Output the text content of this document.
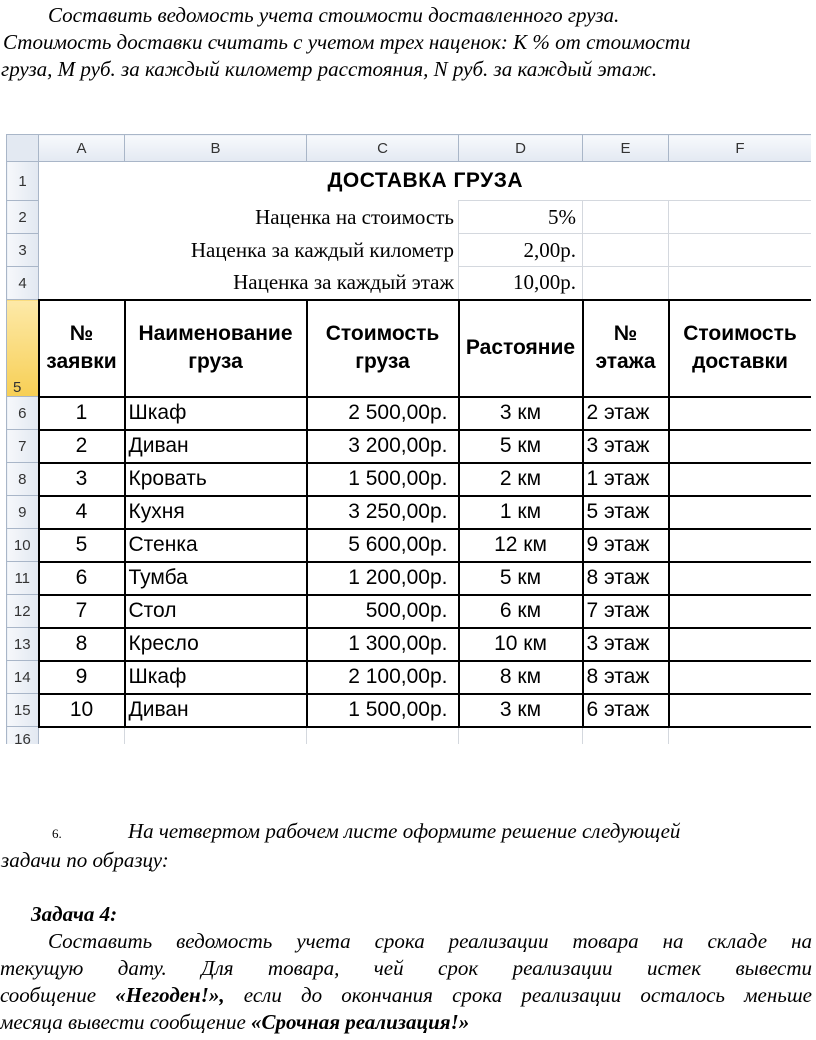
Составить ведомость учета стоимости доставленного груза.
Стоимость доставки считать с учетом трех наценок: K % от стоимости
груза, M руб. за каждый километр расстояния, N руб. за каждый этаж.
	A	B	C	D	E	F
1	ДОСТАВКА ГРУЗА					
2	Наценка на стоимость			5%		
3	Наценка за каждый километр			2,00р.		
4	Наценка за каждый этаж			10,00р.		
5	№ заявки	Наименование груза	Стоимость груза	Растояние	№ этажа	Стоимость доставки
6	1	Шкаф	2 500,00р.	3 км	2 этаж	
7	2	Диван	3 200,00р.	5 км	3 этаж	
8	3	Кровать	1 500,00р.	2 км	1 этаж	
9	4	Кухня	3 250,00р.	1 км	5 этаж	
10	5	Стенка	5 600,00р.	12 км	9 этаж	
11	6	Тумба	1 200,00р.	5 км	8 этаж	
12	7	Стол	500,00р.	6 км	7 этаж	
13	8	Кресло	1 300,00р.	10 км	3 этаж	
14	9	Шкаф	2 100,00р.	8 км	8 этаж	
15	10	Диван	1 500,00р.	3 км	6 этаж	
16						
6.	На четвертом рабочем листе оформите решение следующей
задачи по образцу:
Задача 4:
Составить ведомость учета срока реализации товара на складе на
текущую дату. Для товара, чей срок реализации истек вывести
сообщение «Негоден!», если до окончания срока реализации осталось меньше
месяца вывести сообщение «Срочная реализация!»
